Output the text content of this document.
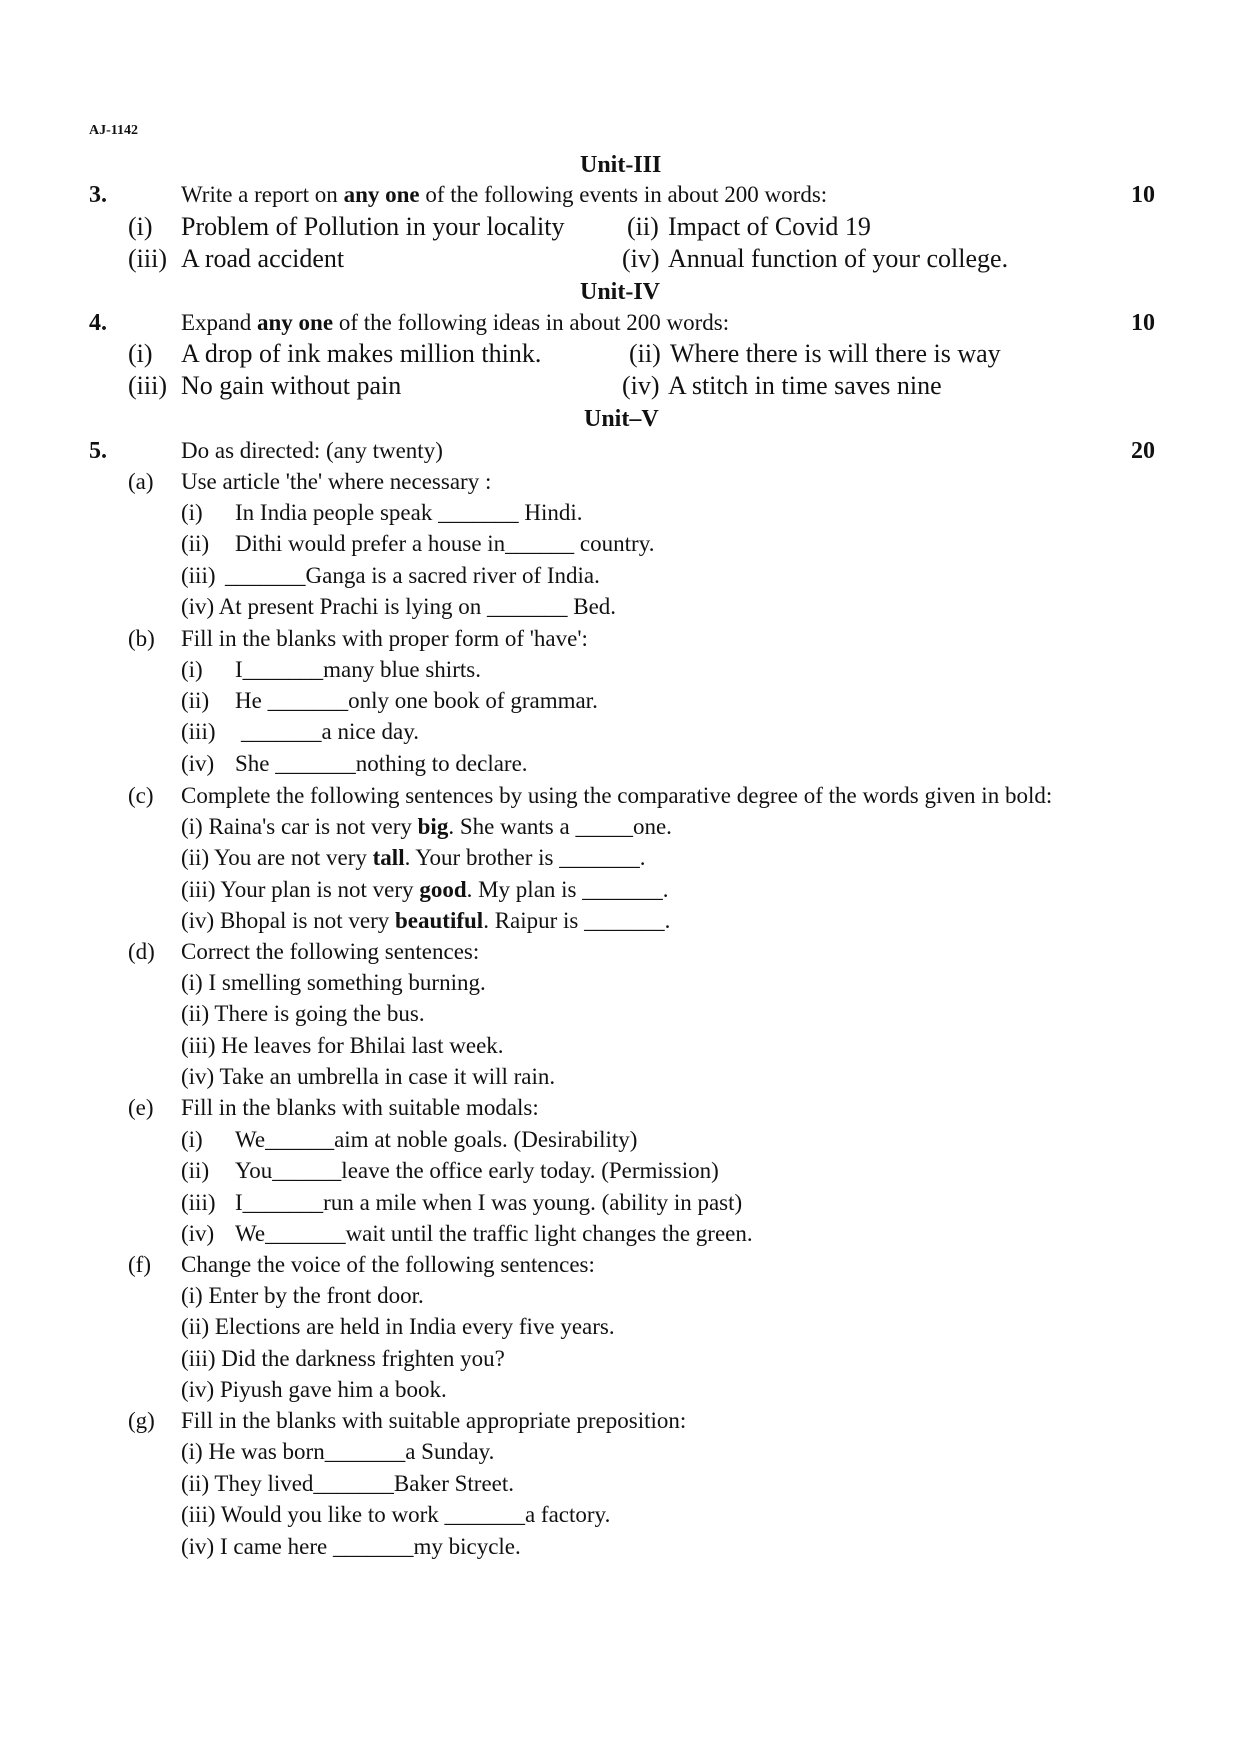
AJ-1142
Unit-III
3.	Write a report on any one of the following events in about 200 words:	10
(i) Problem of Pollution in your locality (ii) Impact of Covid 19
(iii) A road accident	(iv) Annual function of your college.
Unit-IV
4.	Expand any one of the following ideas in about 200 words:	10
(i) A drop of ink makes million think.	(ii) Where there is will there is way
(iii) No gain without pain	(iv) A stitch in time saves nine
Unit–V
5.	Do as directed: (any twenty)	20
(a) Use article 'the' where necessary :
(i) In India people speak _______ Hindi.
(ii) Dithi would prefer a house in______ country.
(iii) _______Ganga is a sacred river of India.
(iv) At present Prachi is lying on _______ Bed.
(b) Fill in the blanks with proper form of 'have':
(i) I_______many blue shirts.
(ii) He _______only one book of grammar.
(iii) _______a nice day.
(iv) She _______nothing to declare.
(c) Complete the following sentences by using the comparative degree of the words given in bold:
(i) Raina's car is not very big. She wants a _____one.
(ii) You are not very tall. Your brother is _______.
(iii) Your plan is not very good. My plan is _______.
(iv) Bhopal is not very beautiful. Raipur is _______.
(d) Correct the following sentences:
(i) I smelling something burning.
(ii) There is going the bus.
(iii) He leaves for Bhilai last week.
(iv) Take an umbrella in case it will rain.
(e) Fill in the blanks with suitable modals:
(i) We______aim at noble goals. (Desirability)
(ii) You______leave the office early today. (Permission)
(iii) I_______run a mile when I was young. (ability in past)
(iv) We_______wait until the traffic light changes the green.
(f) Change the voice of the following sentences:
(i) Enter by the front door.
(ii) Elections are held in India every five years.
(iii) Did the darkness frighten you?
(iv) Piyush gave him a book.
(g) Fill in the blanks with suitable appropriate preposition:
(i) He was born_______a Sunday.
(ii) They lived_______Baker Street.
(iii) Would you like to work _______a factory.
(iv) I came here _______my bicycle.
